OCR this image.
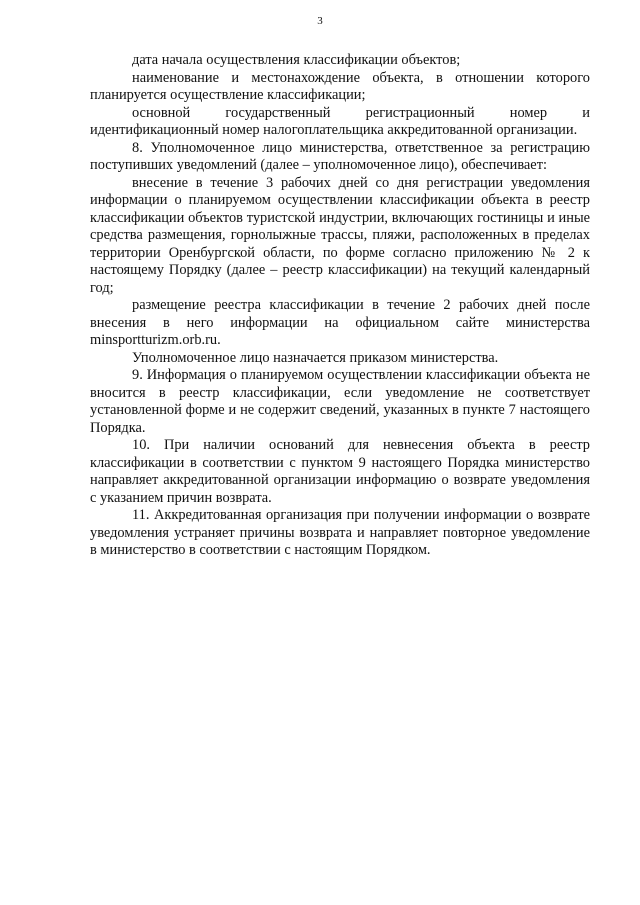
3

дата начала осуществления классификации объектов;

наименование и местонахождение объекта, в отношении которого планируется осуществление классификации;

основной государственный регистрационный номер и идентификационный номер налогоплательщика аккредитованной организации.

8. Уполномоченное лицо министерства, ответственное за регистрацию поступивших уведомлений (далее – уполномоченное лицо), обеспечивает:

внесение в течение 3 рабочих дней со дня регистрации уведомления информации о планируемом осуществлении классификации объекта в реестр классификации объектов туристской индустрии, включающих гостиницы и иные средства размещения, горнолыжные трассы, пляжи, расположенных в пределах территории Оренбургской области, по форме согласно приложению № 2 к настоящему Порядку (далее – реестр классификации) на текущий календарный год;

размещение реестра классификации в течение 2 рабочих дней после внесения в него информации на официальном сайте министерства minsportturizm.orb.ru.

Уполномоченное лицо назначается приказом министерства.

9. Информация о планируемом осуществлении классификации объекта не вносится в реестр классификации, если уведомление не соответствует установленной форме и не содержит сведений, указанных в пункте 7 настоящего Порядка.

10. При наличии оснований для невнесения объекта в реестр классификации в соответствии с пунктом 9 настоящего Порядка министерство направляет аккредитованной организации информацию о возврате уведомления с указанием причин возврата.

11. Аккредитованная организация при получении информации о возврате уведомления устраняет причины возврата и направляет повторное уведомление в министерство в соответствии с настоящим Порядком.
